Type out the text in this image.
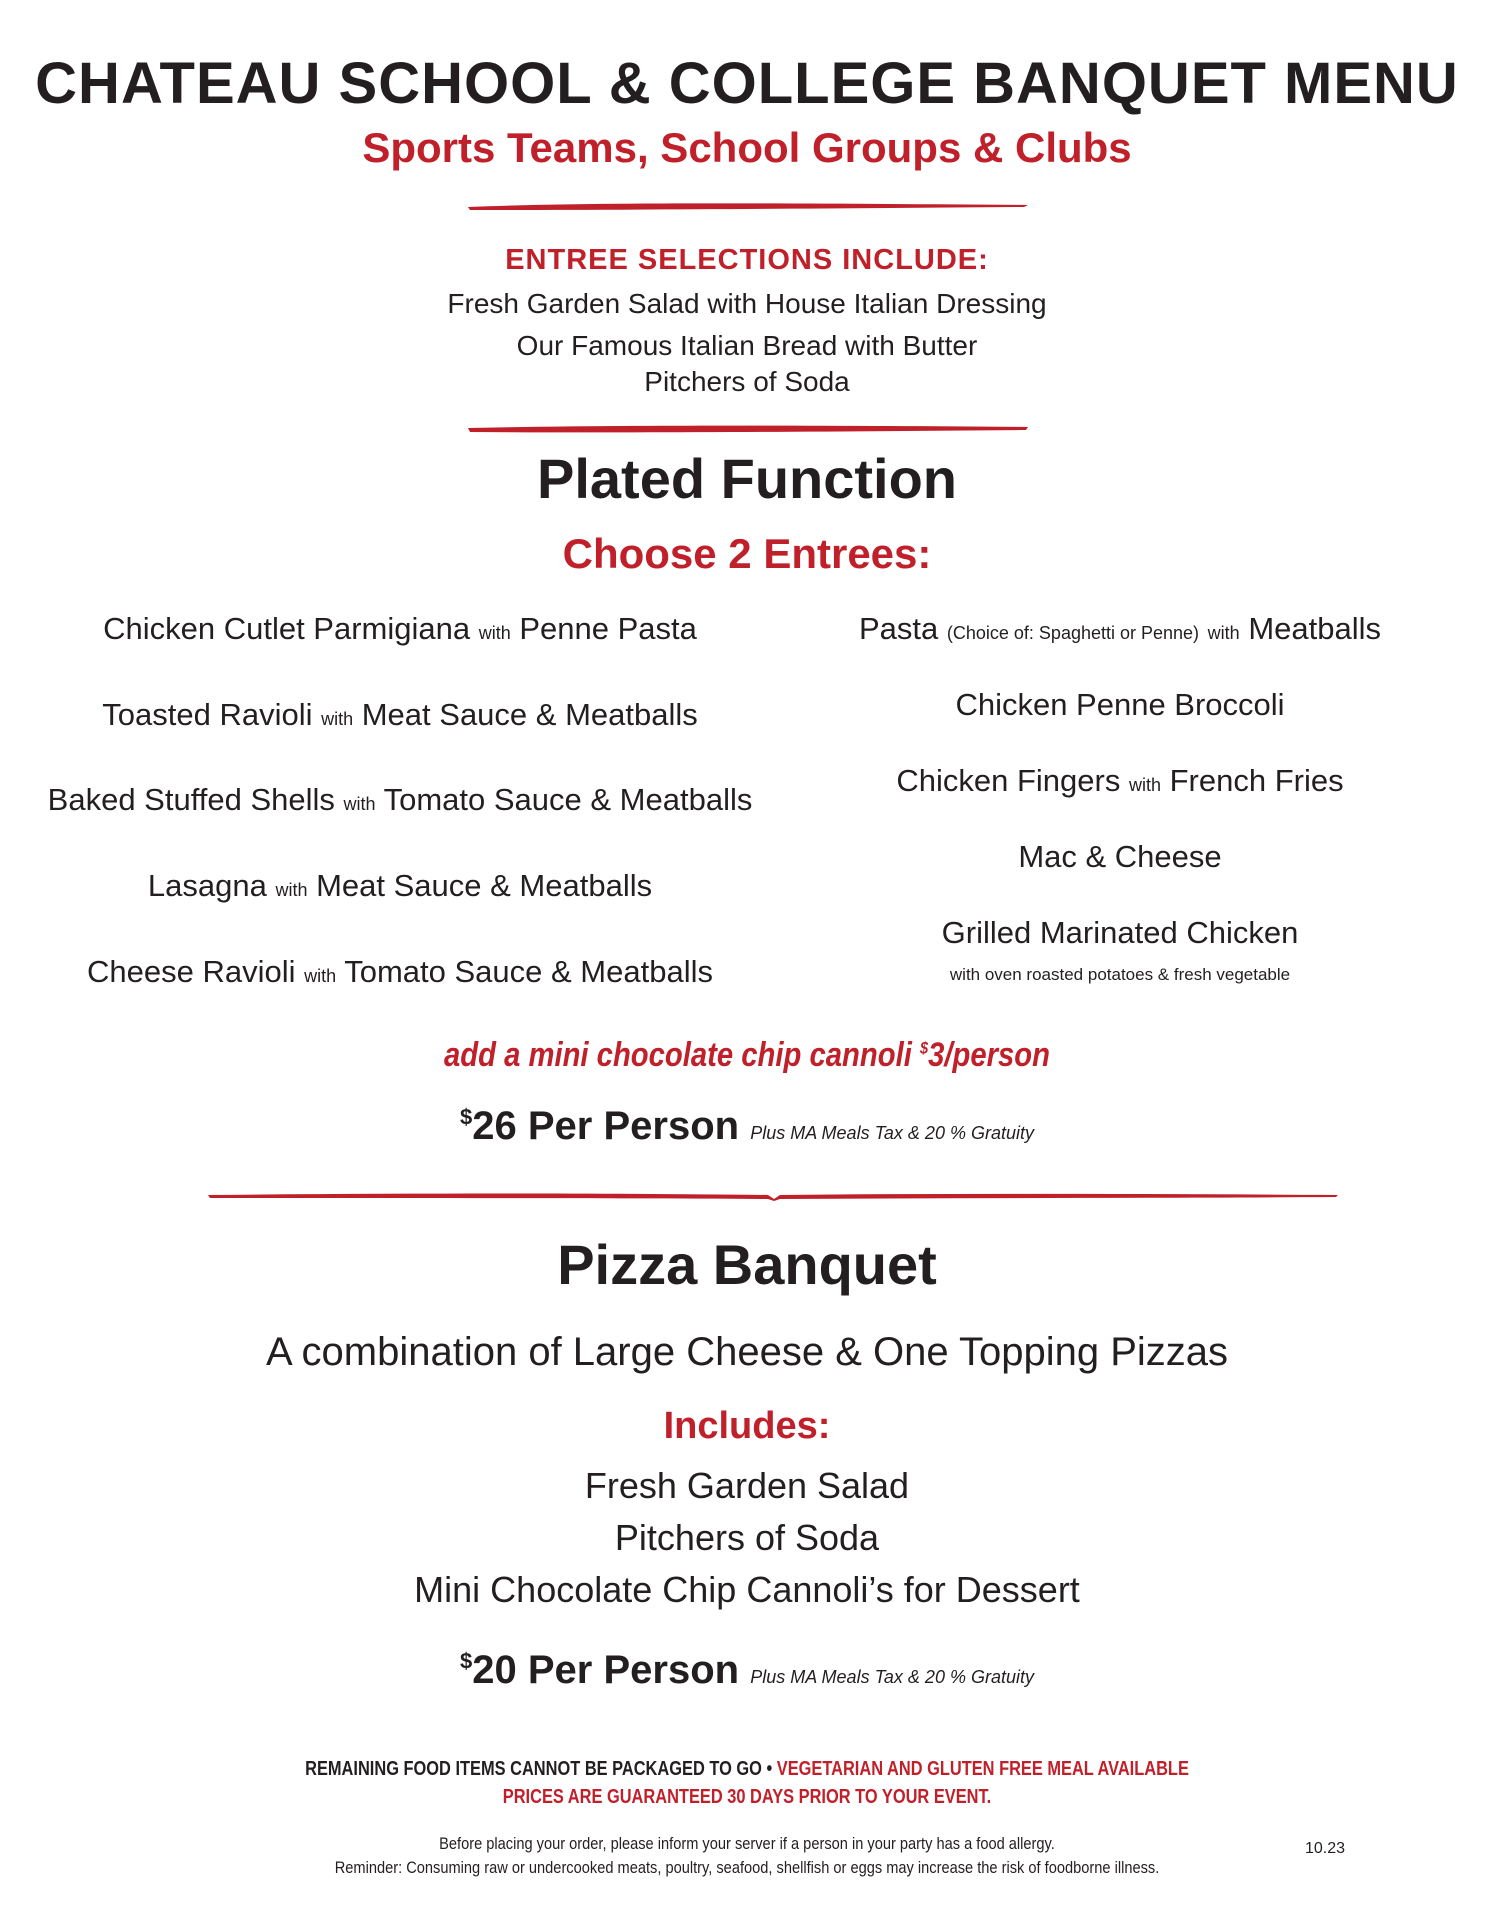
CHATEAU SCHOOL & COLLEGE BANQUET MENU
Sports Teams, School Groups & Clubs
ENTREE SELECTIONS INCLUDE:
Fresh Garden Salad with House Italian Dressing
Our Famous Italian Bread with Butter
Pitchers of Soda
Plated Function
Choose 2 Entrees:
Chicken Cutlet Parmigiana with Penne Pasta
Toasted Ravioli with Meat Sauce & Meatballs
Baked Stuffed Shells with Tomato Sauce & Meatballs
Lasagna with Meat Sauce & Meatballs
Cheese Ravioli with Tomato Sauce & Meatballs
Pasta (Choice of: Spaghetti or Penne) with Meatballs
Chicken Penne Broccoli
Chicken Fingers with French Fries
Mac & Cheese
Grilled Marinated Chicken
with oven roasted potatoes & fresh vegetable
add a mini chocolate chip cannoli $3/person
$26 Per Person Plus MA Meals Tax & 20 % Gratuity
Pizza Banquet
A combination of Large Cheese & One Topping Pizzas
Includes:
Fresh Garden Salad
Pitchers of Soda
Mini Chocolate Chip Cannoli’s for Dessert
$20 Per Person Plus MA Meals Tax & 20 % Gratuity
REMAINING FOOD ITEMS CANNOT BE PACKAGED TO GO • VEGETARIAN AND GLUTEN FREE MEAL AVAILABLE
PRICES ARE GUARANTEED 30 DAYS PRIOR TO YOUR EVENT.
Before placing your order, please inform your server if a person in your party has a food allergy.
Reminder: Consuming raw or undercooked meats, poultry, seafood, shellfish or eggs may increase the risk of foodborne illness.
10.23
